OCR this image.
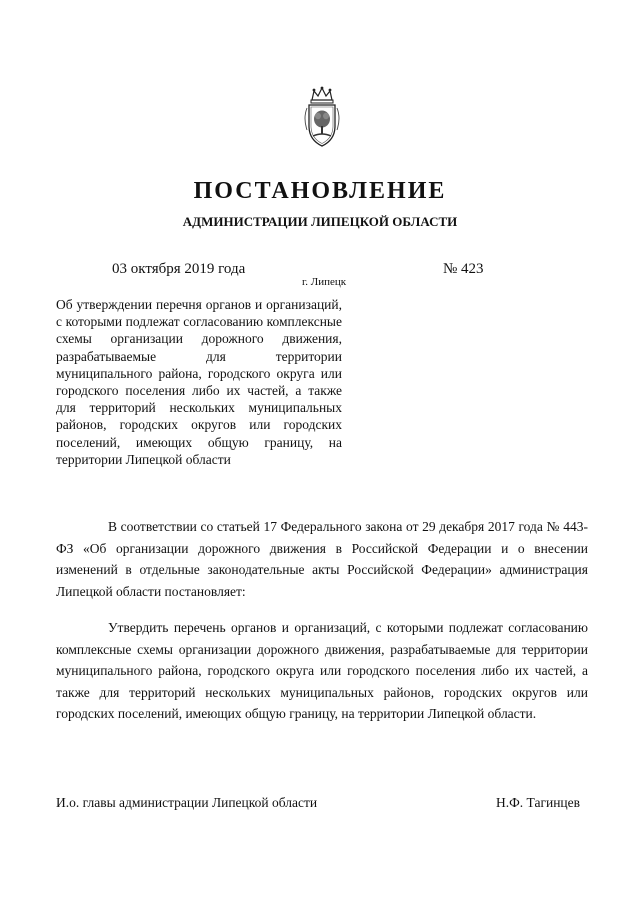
ПОСТАНОВЛЕНИЕ
АДМИНИСТРАЦИИ ЛИПЕЦКОЙ ОБЛАСТИ
03 октября 2019 года
г. Липецк
№ 423
Об утверждении перечня органов и организаций, с которыми подлежат согласованию комплексные схемы организации дорожного движения, разрабатываемые для территории муниципального района, городского округа или городского поселения либо их частей, а также для территорий нескольких муниципальных районов, городских округов или городских поселений, имеющих общую границу, на территории Липецкой области

В соответствии со статьей 17 Федерального закона от 29 декабря 2017 года № 443-ФЗ «Об организации дорожного движения в Российской Федерации и о внесении изменений в отдельные законодательные акты Российской Федерации» администрация Липецкой области постановляет:

Утвердить перечень органов и организаций, с которыми подлежат согласованию комплексные схемы организации дорожного движения, разрабатываемые для территории муниципального района, городского округа или городского поселения либо их частей, а также для территорий нескольких муниципальных районов, городских округов или городских поселений, имеющих общую границу, на территории Липецкой области.

И.о. главы администрации Липецкой области	Н.Ф. Тагинцев
